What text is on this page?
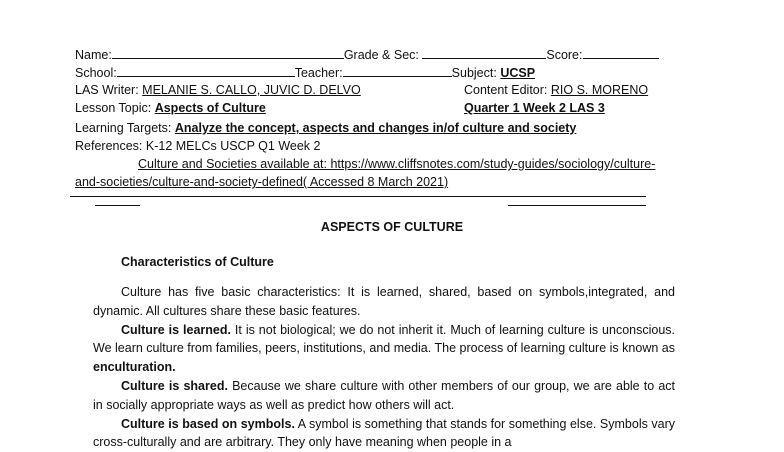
Name:	Grade & Sec:	Score:
School:	Teacher:	Subject: UCSP
LAS Writer: MELANIE S. CALLO, JUVIC D. DELVO	Content Editor: RIO S. MORENO
Lesson Topic: Aspects of Culture	Quarter 1 Week 2 LAS 3
Learning Targets: Analyze the concept, aspects and changes in/of culture and society
References: K-12 MELCs USCP Q1 Week 2
Culture and Societies available at: https://www.cliffsnotes.com/study-guides/sociology/culture-
and-societies/culture-and-society-defined( Accessed 8 March 2021)
ASPECTS OF CULTURE
Characteristics of Culture

Culture has five basic characteristics: It is learned, shared, based on symbols,integrated, and dynamic. All cultures share these basic features.

Culture is learned. It is not biological; we do not inherit it. Much of learning culture is unconscious. We learn culture from families, peers, institutions, and media. The process of learning culture is known as enculturation.

Culture is shared. Because we share culture with other members of our group, we are able to act in socially appropriate ways as well as predict how others will act.

Culture is based on symbols. A symbol is something that stands for something else. Symbols vary cross-culturally and are arbitrary. They only have meaning when people in a
